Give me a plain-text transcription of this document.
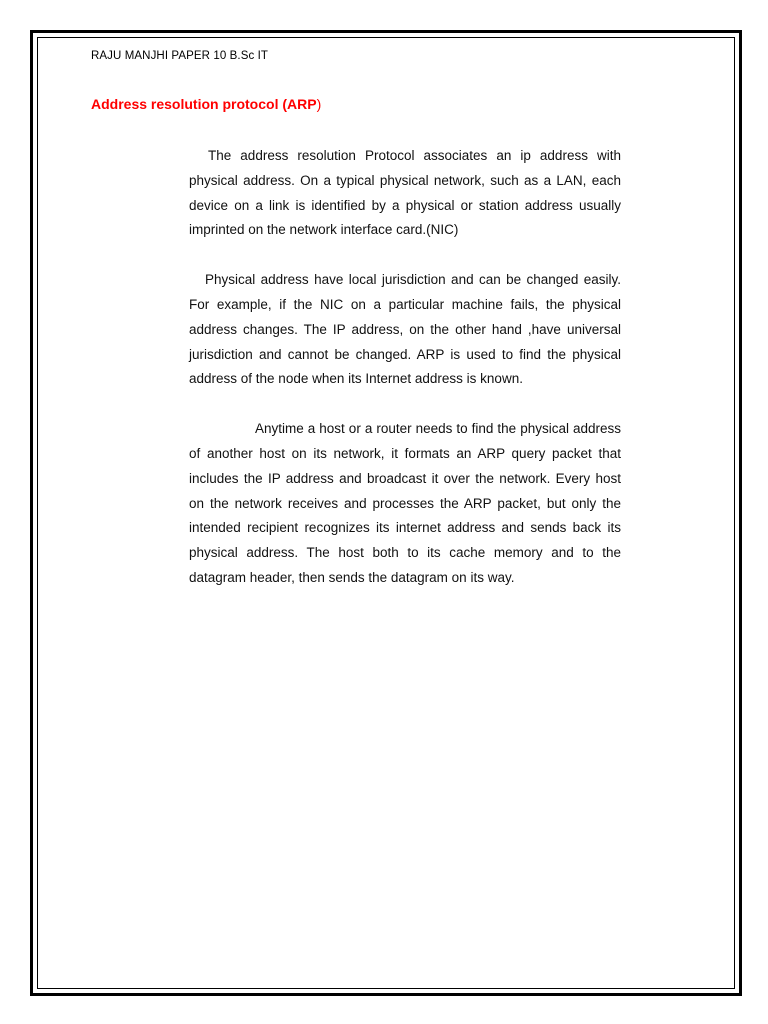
RAJU MANJHI PAPER 10 B.Sc IT
Address resolution protocol (ARP)

The address resolution Protocol associates an ip address with physical address. On a typical physical network, such as a LAN, each device on a link is identified by a physical or station address usually imprinted on the network interface card.(NIC)

Physical address have local jurisdiction and can be changed easily. For example, if the NIC on a particular machine fails, the physical address changes. The IP address, on the other hand ,have universal jurisdiction and cannot be changed. ARP is used to find the physical address of the node when its Internet address is known.

Anytime a host or a router needs to find the physical address of another host on its network, it formats an ARP query packet that includes the IP address and broadcast it over the network. Every host on the network receives and processes the ARP packet, but only the intended recipient recognizes its internet address and sends back its physical address. The host both to its cache memory and to the datagram header, then sends the datagram on its way.
